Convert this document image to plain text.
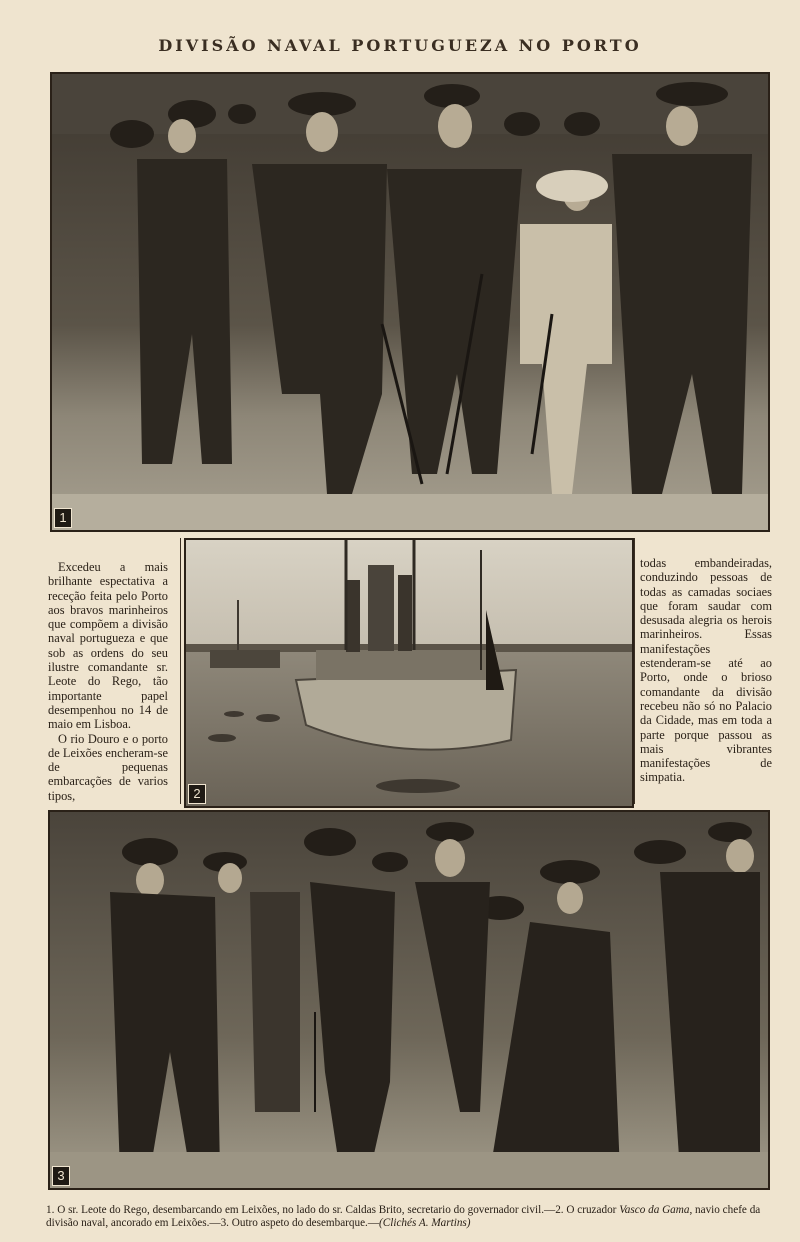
DIVISÃO NAVAL PORTUGUEZA NO PORTO
1

Excedeu a mais brilhante espectativa a receção feita pelo Porto aos bravos marinheiros que compõem a divisão naval portugueza e que sob as ordens do seu ilustre comandante sr. Leote do Rego, tão importante papel desempenhou no 14 de maio em Lisboa.

O rio Douro e o porto de Leixões encheram-se de pequenas embarcações de varios tipos,	2

todas embandeiradas, conduzindo pessoas de todas as camadas sociaes que foram saudar com desusada alegria os herois marinheiros. Essas manifestações estenderam-se até ao Porto, onde o brioso comandante da divisão recebeu não só no Palacio da Cidade, mas em toda a parte porque passou as mais vibrantes manifestações de simpatia.

3
1. O sr. Leote do Rego, desembarcando em Leixões, no lado do sr. Caldas Brito, secretario do governador civil.—2. O cruzador Vasco da Gama, navio chefe da divisão naval, ancorado em Leixões.—3. Outro aspeto do desembarque.—(Clichés A. Martins)
